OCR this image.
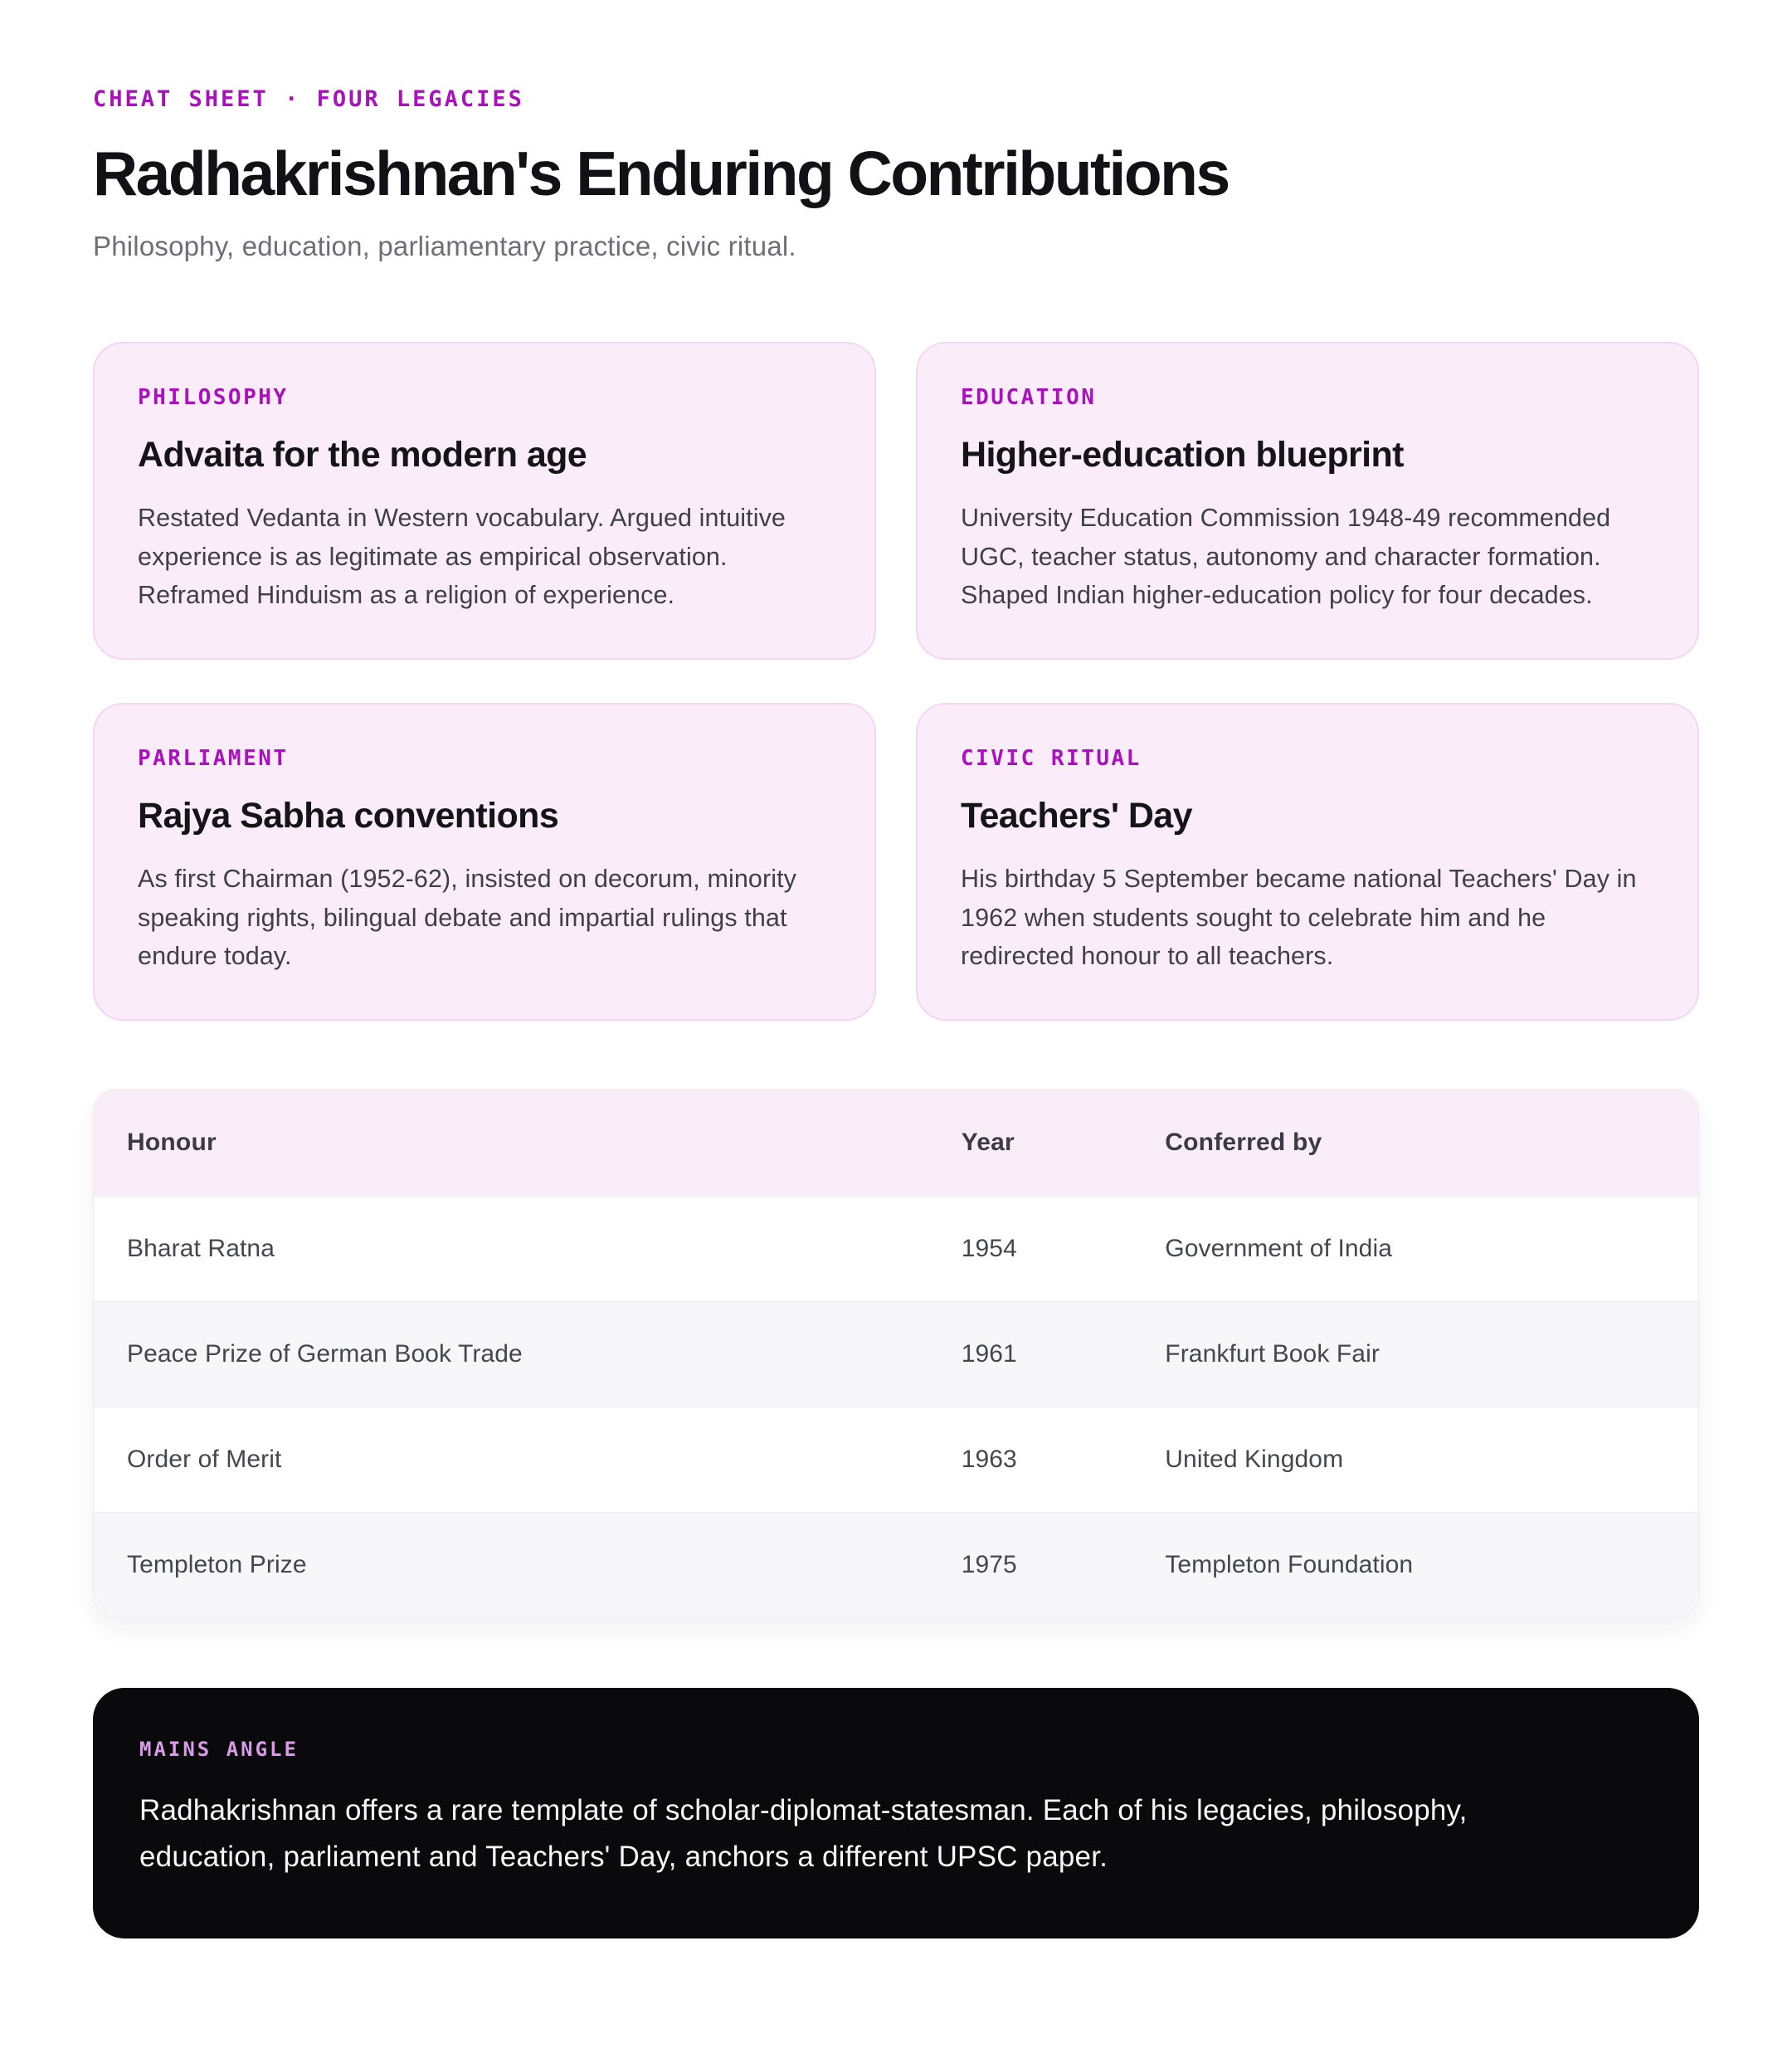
CHEAT SHEET · FOUR LEGACIES
Radhakrishnan's Enduring Contributions
Philosophy, education, parliamentary practice, civic ritual.
PHILOSOPHY
Advaita for the modern age
Restated Vedanta in Western vocabulary. Argued intuitive experience is as legitimate as empirical observation. Reframed Hinduism as a religion of experience.
EDUCATION
Higher-education blueprint
University Education Commission 1948-49 recommended UGC, teacher status, autonomy and character formation. Shaped Indian higher-education policy for four decades.
PARLIAMENT
Rajya Sabha conventions
As first Chairman (1952-62), insisted on decorum, minority speaking rights, bilingual debate and impartial rulings that endure today.
CIVIC RITUAL
Teachers' Day
His birthday 5 September became national Teachers' Day in 1962 when students sought to celebrate him and he redirected honour to all teachers.
Honour	Year	Conferred by
Bharat Ratna	1954	Government of India
Peace Prize of German Book Trade	1961	Frankfurt Book Fair
Order of Merit	1963	United Kingdom
Templeton Prize	1975	Templeton Foundation
MAINS ANGLE
Radhakrishnan offers a rare template of scholar-diplomat-statesman. Each of his legacies, philosophy, education, parliament and Teachers' Day, anchors a different UPSC paper.
